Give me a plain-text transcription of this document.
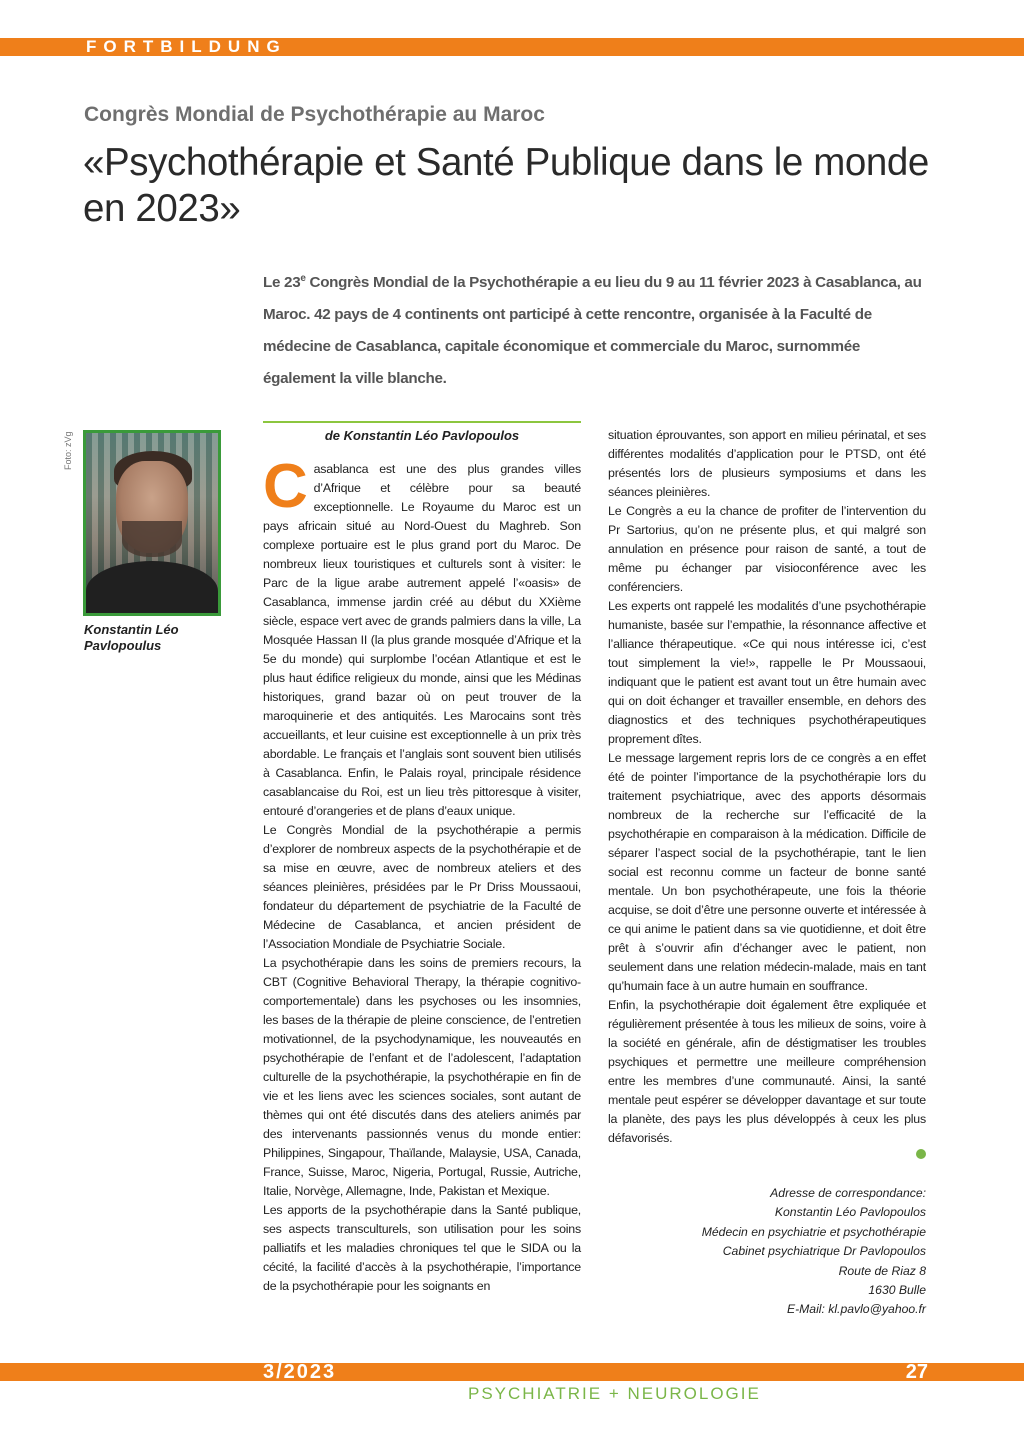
FORTBILDUNG
Congrès Mondial de Psychothérapie au Maroc
«Psychothérapie et Santé Publique dans le monde en 2023»
Le 23e Congrès Mondial de la Psychothérapie a eu lieu du 9 au 11 février 2023 à Casablanca, au Maroc. 42 pays de 4 continents ont participé à cette rencontre, organisée à la Faculté de médecine de Casablanca, capitale économique et commerciale du Maroc, surnommée également la ville blanche.
Foto: zVg
Konstantin Léo Pavlopoulus
de Konstantin Léo Pavlopoulos

Casablanca est une des plus grandes villes d’Afrique et célèbre pour sa beauté exceptionnelle. Le Royaume du Maroc est un pays africain situé au Nord-Ouest du Maghreb. Son complexe portuaire est le plus grand port du Maroc. De nombreux lieux touristiques et culturels sont à visiter: le Parc de la ligue arabe autrement appelé l’«oasis» de Casablanca, immense jardin créé au début du XXième siècle, espace vert avec de grands palmiers dans la ville, La Mosquée Hassan II (la plus grande mosquée d’Afrique et la 5e du monde) qui surplombe l’océan Atlantique et est le plus haut édifice religieux du monde, ainsi que les Médinas historiques, grand bazar où on peut trouver de la maroquinerie et des antiquités. Les Marocains sont très accueillants, et leur cuisine est exceptionnelle à un prix très abordable. Le français et l’anglais sont souvent bien utilisés à Casablanca. Enfin, le Palais royal, principale résidence casablancaise du Roi, est un lieu très pittoresque à visiter, entouré d’orangeries et de plans d’eaux unique.

Le Congrès Mondial de la psychothérapie a permis d’explorer de nombreux aspects de la psychothérapie et de sa mise en œuvre, avec de nombreux ateliers et des séances pleinières, présidées par le Pr Driss Moussaoui, fondateur du département de psychiatrie de la Faculté de Médecine de Casablanca, et ancien président de l’Association Mondiale de Psychiatrie Sociale.

La psychothérapie dans les soins de premiers recours, la CBT (Cognitive Behavioral Therapy, la thérapie cognitivo-comportementale) dans les psychoses ou les insomnies, les bases de la thérapie de pleine conscience, de l’entretien motivationnel, de la psychodynamique, les nouveautés en psychothérapie de l’enfant et de l’adolescent, l’adaptation culturelle de la psychothérapie, la psychothérapie en fin de vie et les liens avec les sciences sociales, sont autant de thèmes qui ont été discutés dans des ateliers animés par des intervenants passionnés venus du monde entier: Philippines, Singapour, Thaïlande, Malaysie, USA, Canada, France, Suisse, Maroc, Nigeria, Portugal, Russie, Autriche, Italie, Norvège, Allemagne, Inde, Pakistan et Mexique.

Les apports de la psychothérapie dans la Santé publique, ses aspects transculturels, son utilisation pour les soins palliatifs et les maladies chroniques tel que le SIDA ou la cécité, la facilité d’accès à la psychothérapie, l’importance de la psychothérapie pour les soignants en

situation éprouvantes, son apport en milieu périnatal, et ses différentes modalités d’application pour le PTSD, ont été présentés lors de plusieurs symposiums et dans les séances pleinières.

Le Congrès a eu la chance de profiter de l’intervention du Pr Sartorius, qu’on ne présente plus, et qui malgré son annulation en présence pour raison de santé, a tout de même pu échanger par visioconférence avec les conférenciers.

Les experts ont rappelé les modalités d’une psychothérapie humaniste, basée sur l’empathie, la résonnance affective et l’alliance thérapeutique. «Ce qui nous intéresse ici, c’est tout simplement la vie!», rappelle le Pr Moussaoui, indiquant que le patient est avant tout un être humain avec qui on doit échanger et travailler ensemble, en dehors des diagnostics et des techniques psychothérapeutiques proprement dîtes.

Le message largement repris lors de ce congrès a en effet été de pointer l’importance de la psychothérapie lors du traitement psychiatrique, avec des apports désormais nombreux de la recherche sur l’efficacité de la psychothérapie en comparaison à la médication. Difficile de séparer l’aspect social de la psychothérapie, tant le lien social est reconnu comme un facteur de bonne santé mentale. Un bon psychothérapeute, une fois la théorie acquise, se doit d’être une personne ouverte et intéressée à ce qui anime le patient dans sa vie quotidienne, et doit être prêt à s’ouvrir afin d’échanger avec le patient, non seulement dans une relation médecin-malade, mais en tant qu’humain face à un autre humain en souffrance.

Enfin, la psychothérapie doit également être expliquée et régulièrement présentée à tous les milieux de soins, voire à la société en générale, afin de déstigmatiser les troubles psychiques et permettre une meilleure compréhension entre les membres d’une communauté. Ainsi, la santé mentale peut espérer se développer davantage et sur toute la planète, des pays les plus développés à ceux les plus défavorisés.

Adresse de correspondance:
Konstantin Léo Pavlopoulos
Médecin en psychiatrie et psychothérapie
Cabinet psychiatrique Dr Pavlopoulos
Route de Riaz 8
1630 Bulle
E-Mail: kl.pavlo@yahoo.fr
3/2023	27
PSYCHIATRIE + NEUROLOGIE
